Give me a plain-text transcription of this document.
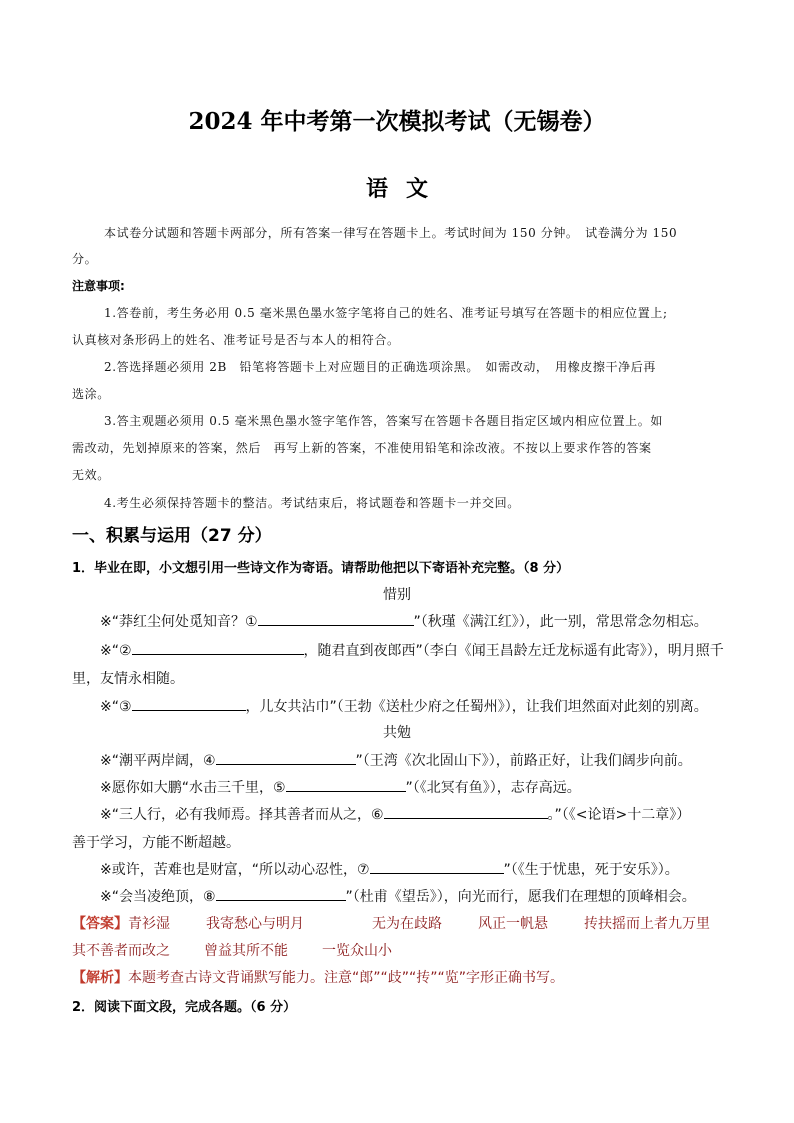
2024 年中考第一次模拟考试（无锡卷）
语文
本试卷分试题和答题卡两部分，所有答案一律写在答题卡上。考试时间为 150 分钟。　试卷满分为 150
分。
注意事项:
1.答卷前，考生务必用 0.5 毫米黑色墨水签字笔将自己的姓名、准考证号填写在答题卡的相应位置上;
认真核对条形码上的姓名、准考证号是否与本人的相符合。
2.答选择题必须用 2B　铅笔将答题卡上对应题目的正确选项涂黑。　如需改动，　用橡皮擦干净后再
选涂。
3.答主观题必须用 0.5 毫米黑色墨水签字笔作答，答案写在答题卡各题目指定区域内相应位置上。如
需改动，先划掉原来的答案，然后　再写上新的答案，不准使用铅笔和涂改液。不按以上要求作答的答案
无效。
4.考生必须保持答题卡的整洁。考试结束后，将试题卷和答题卡一并交回。
一、积累与运用（27 分）
1．毕业在即，小文想引用一些诗文作为寄语。请帮助他把以下寄语补充完整。（8 分）
惜别
※“莽红尘何处觅知音？①	”（秋瑾《满江红》），此一别，常思常念勿相忘。
※“②	，随君直到夜郎西”（李白《闻王昌龄左迁龙标遥有此寄》），明月照千
里，友情永相随。
※“③	，儿女共沾巾”（王勃《送杜少府之任蜀州》），让我们坦然面对此刻的别离。
共勉
※“潮平两岸阔，④	”（王湾《次北固山下》），前路正好，让我们阔步向前。
※愿你如大鹏“水击三千里，⑤	”（《北冥有鱼》），志存高远。
※“三人行，必有我师焉。择其善者而从之，⑥	。”（《<论语>十二章》）
善于学习，方能不断超越。
※或许，苦难也是财富，“所以动心忍性，⑦	”（《生于忧患，死于安乐》）。
※“会当凌绝顶，⑧	”（杜甫《望岳》），向光而行，愿我们在理想的顶峰相会。
【答案】青衫湿	我寄愁心与明月	无为在歧路	风正一帆悬	抟扶摇而上者九万里
其不善者而改之 曾益其所不能 一览众山小
【解析】本题考查古诗文背诵默写能力。注意“郎”“歧”“抟”“览”字形正确书写。
2．阅读下面文段，完成各题。（6 分）
